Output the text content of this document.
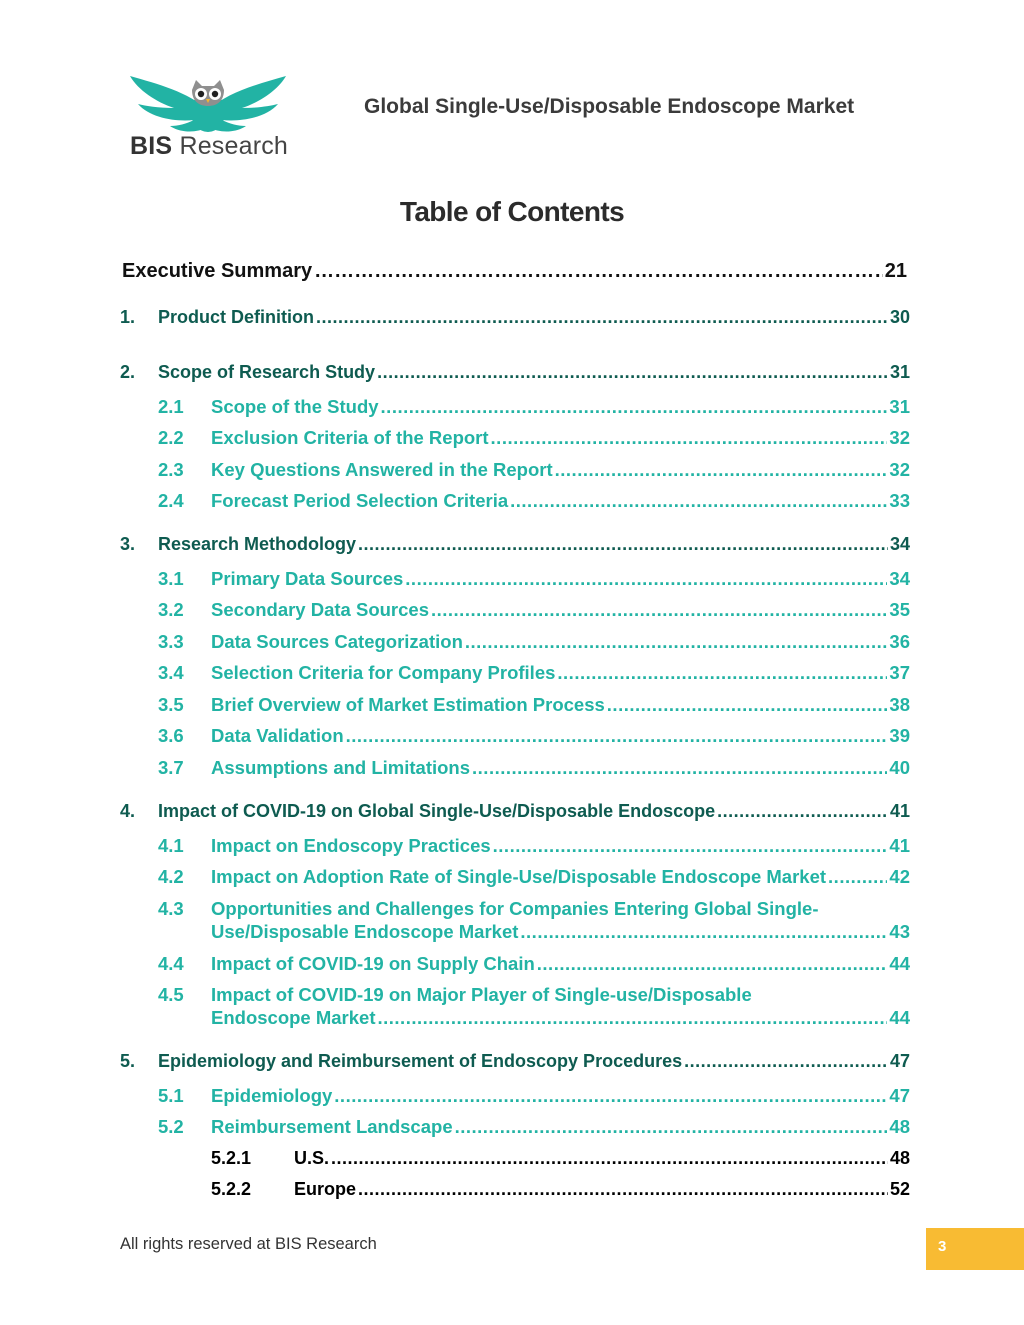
BIS Research
Global Single-Use/Disposable Endoscope Market
Table of Contents
Executive Summary …………………………………………………………………………………………………………………………………………	21
1.	Product Definition .....	30
2.	Scope of Research Study .....	31
2.1	Scope of the Study .....	31
2.2	Exclusion Criteria of the Report .....	32
2.3	Key Questions Answered in the Report .....	32
2.4	Forecast Period Selection Criteria .....	33
3.	Research Methodology .....	34
3.1	Primary Data Sources .....	34
3.2	Secondary Data Sources .....	35
3.3	Data Sources Categorization .....	36
3.4	Selection Criteria for Company Profiles .....	37
3.5	Brief Overview of Market Estimation Process .....	38
3.6	Data Validation .....	39
3.7	Assumptions and Limitations .....	40
4.	Impact of COVID-19 on Global Single-Use/Disposable Endoscope .....	41
4.1	Impact on Endoscopy Practices .....	41
4.2	Impact on Adoption Rate of Single-Use/Disposable Endoscope Market .....	42
4.3 Opportunities and Challenges for Companies Entering Global Single-
Use/Disposable Endoscope Market .....	43
4.4	Impact of COVID-19 on Supply Chain .....	44
4.5 Impact of COVID-19 on Major Player of Single-use/Disposable
Endoscope Market .....	44
5.	Epidemiology and Reimbursement of Endoscopy Procedures .....	47
5.1	Epidemiology .....	47
5.2	Reimbursement Landscape .....	48
5.2.1	U.S. .....	48
5.2.2	Europe .....	52
All rights reserved at BIS Research	3
